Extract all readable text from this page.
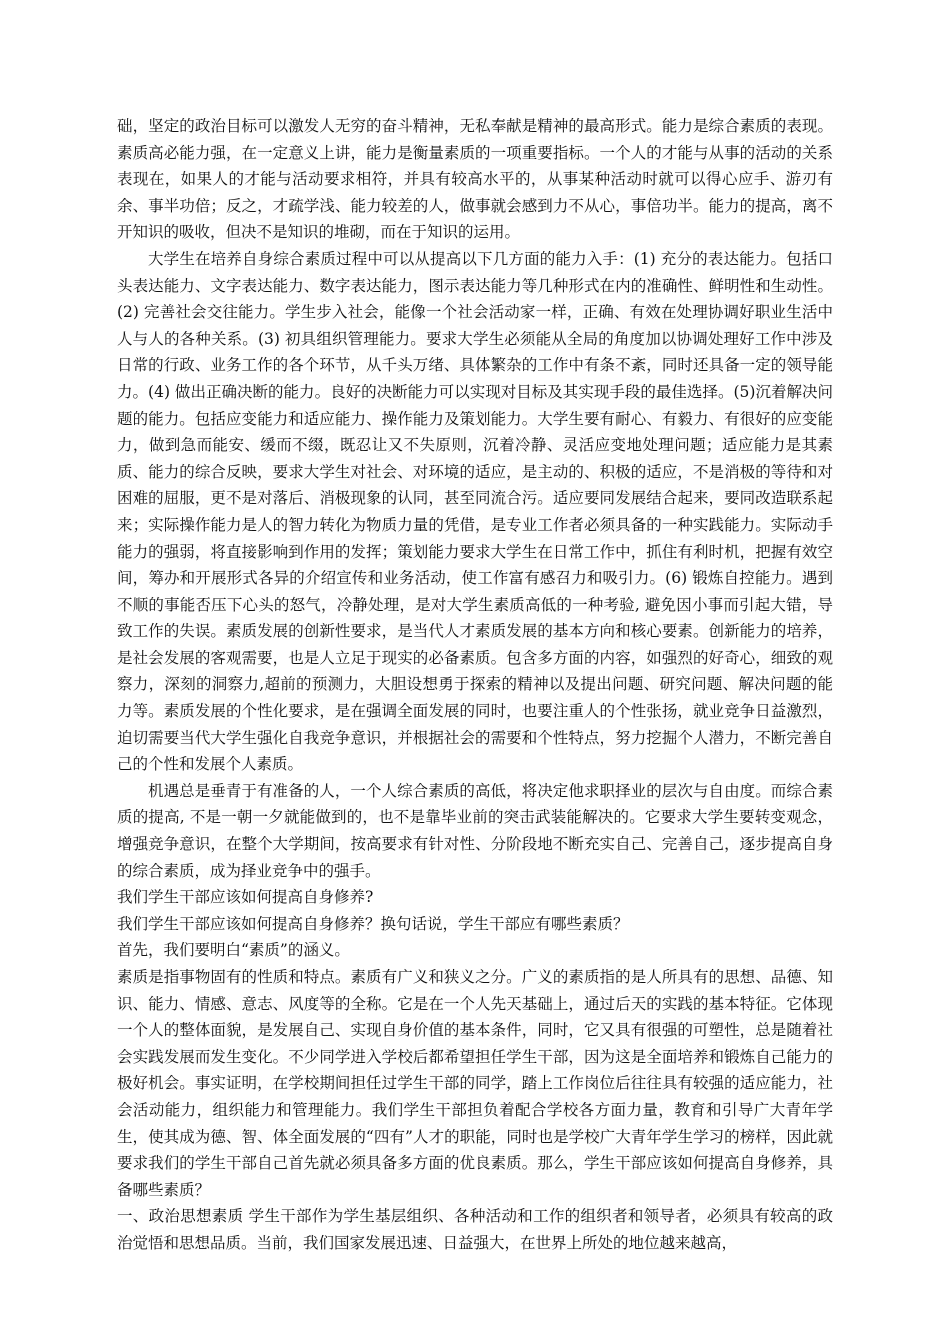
础，坚定的政治目标可以激发人无穷的奋斗精神，无私奉献是精神的最高形式。能力是综合素质的表现。素质高必能力强，在一定意义上讲，能力是衡量素质的一项重要指标。一个人的才能与从事的活动的关系表现在，如果人的才能与活动要求相符，并具有较高水平的，从事某种活动时就可以得心应手、游刃有余、事半功倍；反之，才疏学浅、能力较差的人，做事就会感到力不从心，事倍功半。能力的提高，离不开知识的吸收，但决不是知识的堆砌，而在于知识的运用。

大学生在培养自身综合素质过程中可以从提高以下几方面的能力入手：(1) 充分的表达能力。包括口头表达能力、文字表达能力、数字表达能力，图示表达能力等几种形式在内的准确性、鲜明性和生动性。(2) 完善社会交往能力。学生步入社会，能像一个社会活动家一样，正确、有效在处理协调好职业生活中人与人的各种关系。(3) 初具组织管理能力。要求大学生必须能从全局的角度加以协调处理好工作中涉及日常的行政、业务工作的各个环节，从千头万绪、具体繁杂的工作中有条不紊，同时还具备一定的领导能力。(4) 做出正确决断的能力。良好的决断能力可以实现对目标及其实现手段的最佳选择。(5)沉着解决问题的能力。包括应变能力和适应能力、操作能力及策划能力。大学生要有耐心、有毅力、有很好的应变能力，做到急而能安、缓而不缀，既忍让又不失原则，沉着冷静、灵活应变地处理问题；适应能力是其素质、能力的综合反映，要求大学生对社会、对环境的适应，是主动的、积极的适应，不是消极的等待和对困难的屈服，更不是对落后、消极现象的认同，甚至同流合污。适应要同发展结合起来，要同改造联系起来；实际操作能力是人的智力转化为物质力量的凭借，是专业工作者必须具备的一种实践能力。实际动手能力的强弱，将直接影响到作用的发挥；策划能力要求大学生在日常工作中，抓住有利时机，把握有效空间，筹办和开展形式各异的介绍宣传和业务活动，使工作富有感召力和吸引力。(6) 锻炼自控能力。遇到不顺的事能否压下心头的怒气，冷静处理，是对大学生素质高低的一种考验, 避免因小事而引起大错，导致工作的失误。素质发展的创新性要求，是当代人才素质发展的基本方向和核心要素。创新能力的培养，是社会发展的客观需要，也是人立足于现实的必备素质。包含多方面的内容，如强烈的好奇心，细致的观察力，深刻的洞察力,超前的预测力，大胆设想勇于探索的精神以及提出问题、研究问题、解决问题的能力等。素质发展的个性化要求，是在强调全面发展的同时，也要注重人的个性张扬，就业竞争日益激烈，迫切需要当代大学生强化自我竞争意识，并根据社会的需要和个性特点，努力挖掘个人潜力，不断完善自己的个性和发展个人素质。

机遇总是垂青于有准备的人，一个人综合素质的高低，将决定他求职择业的层次与自由度。而综合素质的提高, 不是一朝一夕就能做到的，也不是靠毕业前的突击武装能解决的。它要求大学生要转变观念，增强竞争意识，在整个大学期间，按高要求有针对性、分阶段地不断充实自己、完善自己，逐步提高自身的综合素质，成为择业竞争中的强手。

我们学生干部应该如何提高自身修养?

我们学生干部应该如何提高自身修养？换句话说，学生干部应有哪些素质？

首先，我们要明白“素质”的涵义。

素质是指事物固有的性质和特点。素质有广义和狭义之分。广义的素质指的是人所具有的思想、品德、知识、能力、情感、意志、风度等的全称。它是在一个人先天基础上，通过后天的实践的基本特征。它体现一个人的整体面貌，是发展自己、实现自身价值的基本条件，同时，它又具有很强的可塑性，总是随着社会实践发展而发生变化。不少同学进入学校后都希望担任学生干部，因为这是全面培养和锻炼自己能力的极好机会。事实证明，在学校期间担任过学生干部的同学，踏上工作岗位后往往具有较强的适应能力，社会活动能力，组织能力和管理能力。我们学生干部担负着配合学校各方面力量，教育和引导广大青年学生，使其成为德、智、体全面发展的“四有”人才的职能，同时也是学校广大青年学生学习的榜样，因此就要求我们的学生干部自己首先就必须具备多方面的优良素质。那么，学生干部应该如何提高自身修养，具备哪些素质？

一、政治思想素质 学生干部作为学生基层组织、各种活动和工作的组织者和领导者，必须具有较高的政治觉悟和思想品质。当前，我们国家发展迅速、日益强大，在世界上所处的地位越来越高，
